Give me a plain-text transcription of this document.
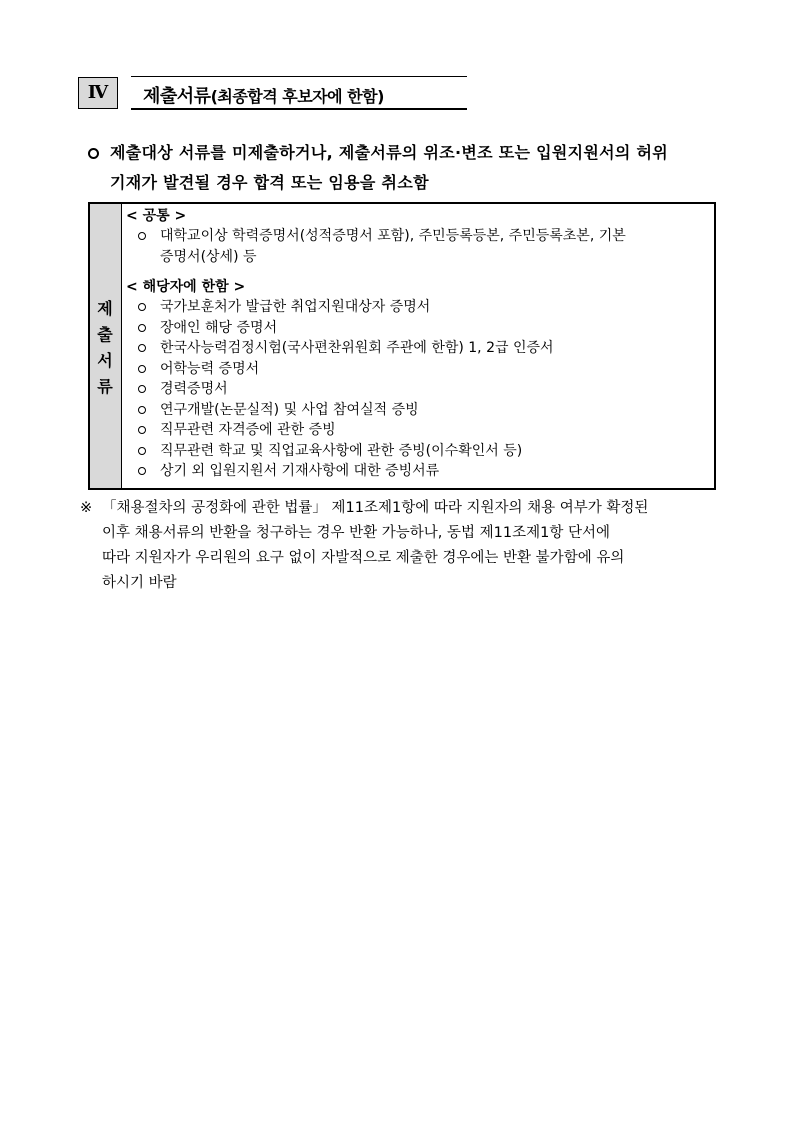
Ⅳ	제출서류(최종합격 후보자에 한함)
제출대상 서류를 미제출하거나, 제출서류의 위조·변조 또는 입원지원서의 허위
기재가 발견될 경우 합격 또는 임용을 취소함
제
출
서
류
< 공통 >
대학교이상 학력증명서(성적증명서 포함), 주민등록등본, 주민등록초본, 기본
증명서(상세) 등
< 해당자에 한함 >
국가보훈처가 발급한 취업지원대상자 증명서
장애인 해당 증명서
한국사능력검정시험(국사편찬위원회 주관에 한함) 1, 2급 인증서
어학능력 증명서
경력증명서
연구개발(논문실적) 및 사업 참여실적 증빙
직무관련 자격증에 관한 증빙
직무관련 학교 및 직업교육사항에 관한 증빙(이수확인서 등)
상기 외 입원지원서 기재사항에 대한 증빙서류
※ 「채용절차의 공정화에 관한 법률」 제11조제1항에 따라 지원자의 채용 여부가 확정된
이후 채용서류의 반환을 청구하는 경우 반환 가능하나, 동법 제11조제1항 단서에
따라 지원자가 우리원의 요구 없이 자발적으로 제출한 경우에는 반환 불가함에 유의
하시기 바람
